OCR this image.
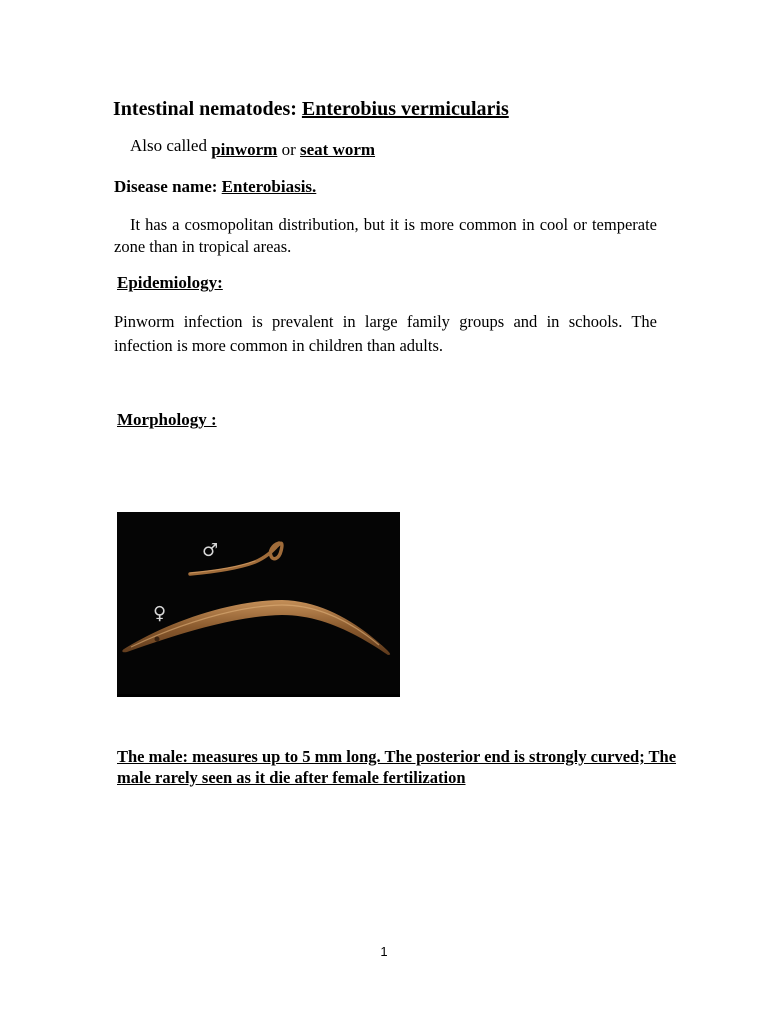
Intestinal nematodes: Enterobius vermicularis
Also called pinworm or seat worm
Disease name: Enterobiasis.
It has a cosmopolitan distribution, but it is more common in cool or temperate zone than in tropical areas.
Epidemiology:
Pinworm infection is prevalent in large family groups and in schools. The infection is more common in children than adults.
Morphology :
♂
♀
The male: measures up to 5 mm long. The posterior end is strongly curved; The male rarely seen as it die after female fertilization
1
